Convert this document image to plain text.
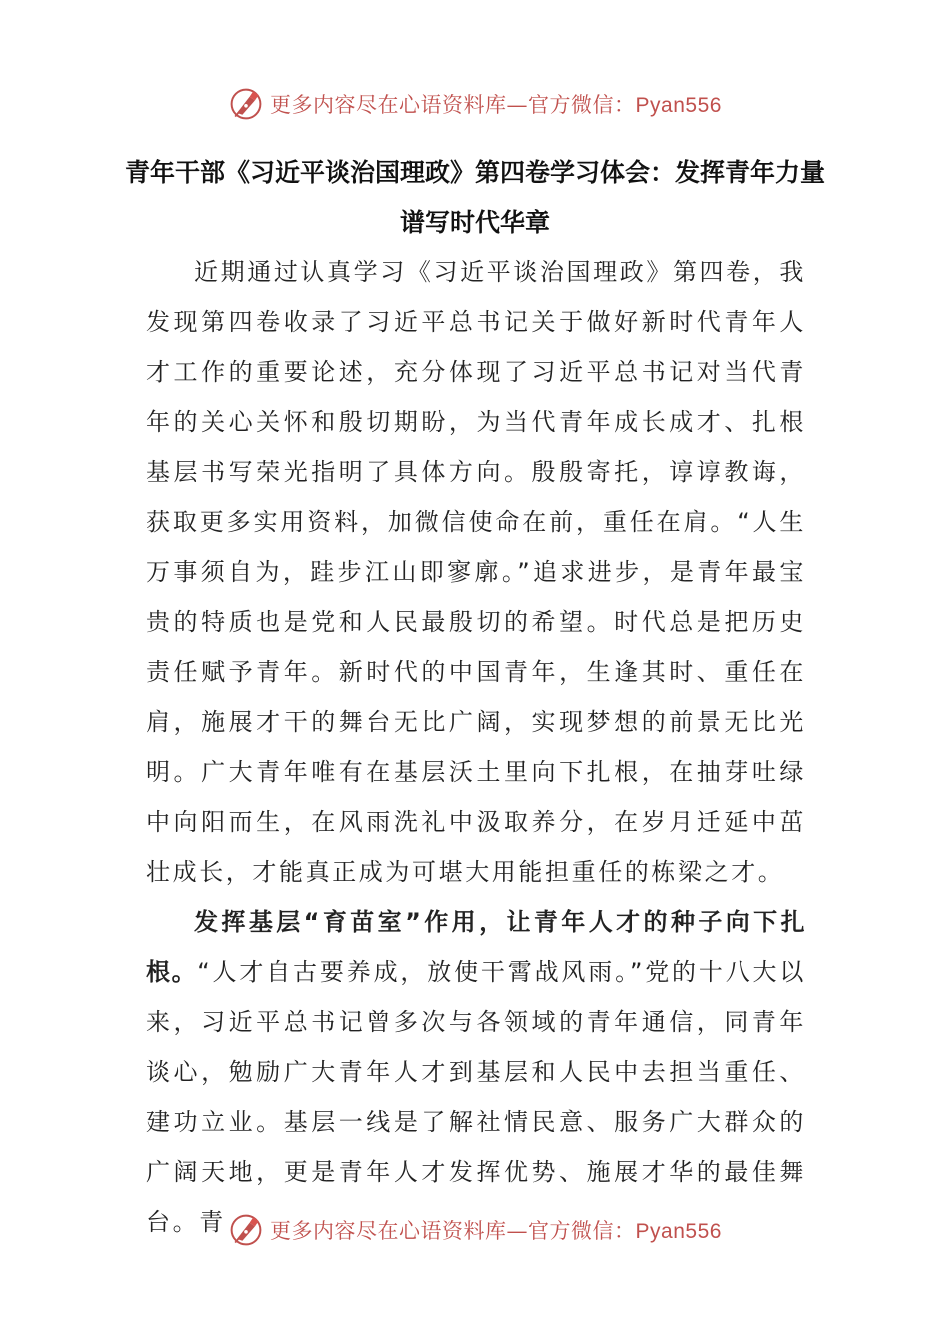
更多内容尽在心语资料库—官方微信：Pyan556
青年干部《习近平谈治国理政》第四卷学习体会：发挥青年力量 谱写时代华章

近期通过认真学习《习近平谈治国理政》第四卷，我发现第四卷收录了习近平总书记关于做好新时代青年人才工作的重要论述，充分体现了习近平总书记对当代青年的关心关怀和殷切期盼，为当代青年成长成才、扎根基层书写荣光指明了具体方向。殷殷寄托，谆谆教诲，获取更多实用资料，加微信使命在前，重任在肩。“人生万事须自为，跬步江山即寥廓。”追求进步，是青年最宝贵的特质也是党和人民最殷切的希望。时代总是把历史责任赋予青年。新时代的中国青年，生逢其时、重任在肩，施展才干的舞台无比广阔，实现梦想的前景无比光明。广大青年唯有在基层沃土里向下扎根，在抽芽吐绿中向阳而生，在风雨洗礼中汲取养分，在岁月迁延中茁壮成长，才能真正成为可堪大用能担重任的栋梁之才。

发挥基层“育苗室”作用，让青年人才的种子向下扎根。“人才自古要养成，放使干霄战风雨。”党的十八大以来，习近平总书记曾多次与各领域的青年通信，同青年谈心，勉励广大青年人才到基层和人民中去担当重任、建功立业。基层一线是了解社情民意、服务广大群众的广阔天地，更是青年人才发挥优势、施展才华的最佳舞台。青	更多内容尽在心语资料库—官方微信：Pyan556
